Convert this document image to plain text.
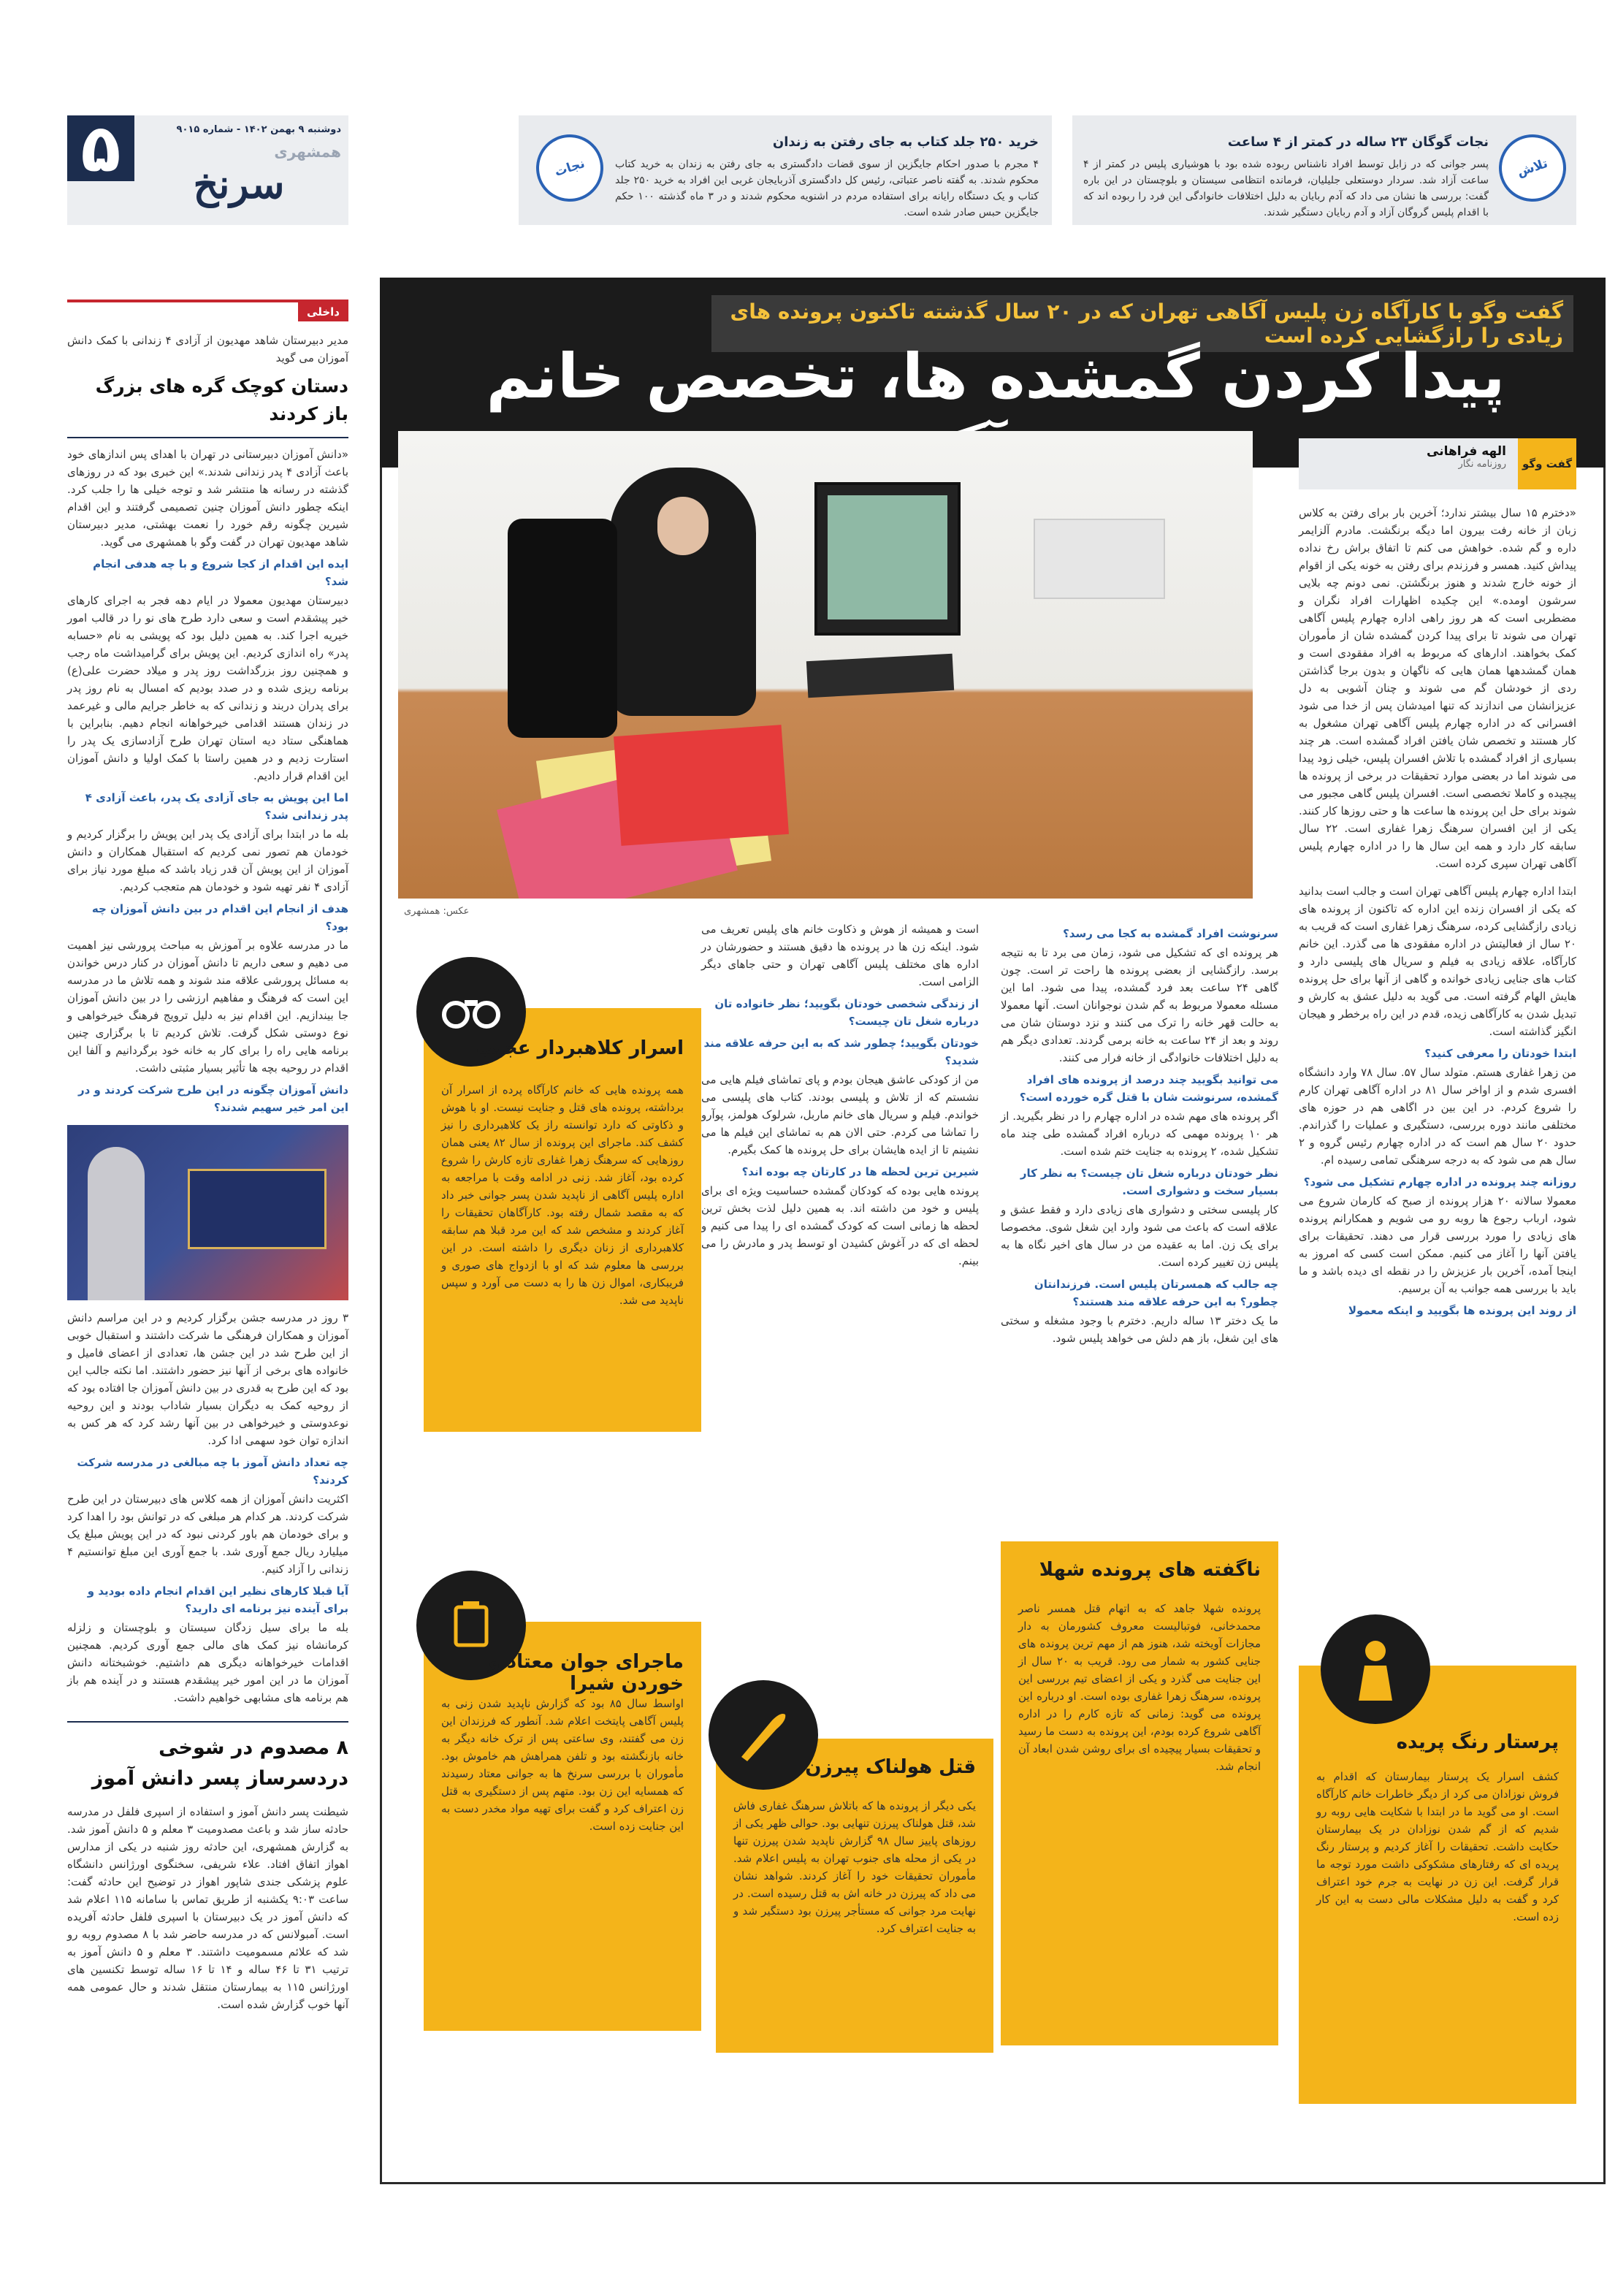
تلاش
نجات گوگان ۲۳ ساله در کمتر از ۴ ساعت

پسر جوانی که در زابل توسط افراد ناشناس ربوده شده بود با هوشیاری پلیس در کمتر از ۴ ساعت آزاد شد. سردار دوستعلی جلیلیان، فرمانده انتظامی سیستان و بلوچستان در این باره گفت: بررسی ها نشان می داد که آدم ربایان به دلیل اختلافات خانوادگی این فرد را ربوده اند که با اقدام پلیس گروگان آزاد و آدم ربایان دستگیر شدند.

نجات
خرید ۲۵۰ جلد کتاب به جای رفتن به زندان

۴ مجرم با صدور احکام جایگزین از سوی قضات دادگستری به جای رفتن به زندان به خرید کتاب محکوم شدند. به گفته ناصر عتباتی، رئیس کل دادگستری آذربایجان غربی این افراد به خرید ۲۵۰ جلد کتاب و یک دستگاه رایانه برای استفاده مردم در اشنویه محکوم شدند و در ۳ ماه گذشته ۱۰۰ حکم جایگزین حبس صادر شده است.

دوشنبه ۹ بهمن ۱۴۰۲ - شماره ۹۰۱۵
همشهری
سرنخ
۵
داخلی

مدیر دبیرستان شاهد مهدیون از آزادی ۴ زندانی با کمک دانش آموزان می گوید

دستان کوچک گره های بزرگ باز کردند

«دانش آموزان دبیرستانی در تهران با اهدای پس اندازهای خود باعث آزادی ۴ پدر زندانی شدند.» این خبری بود که در روزهای گذشته در رسانه ها منتشر شد و توجه خیلی ها را جلب کرد. اینکه چطور دانش آموزان چنین تصمیمی گرفتند و این اقدام شیرین چگونه رقم خورد را نعمت بهشتی، مدیر دبیرستان شاهد مهدیون تهران در گفت وگو با همشهری می گوید.

ایده این اقدام از کجا شروع و با چه هدفی انجام شد؟

دبیرستان مهدیون معمولا در ایام دهه فجر به اجرای کارهای خیر پیشقدم است و سعی دارد طرح های نو را در قالب امور خیریه اجرا کند. به همین دلیل بود که پویشی به نام «حسابه پدر» راه اندازی کردیم. این پویش برای گرامیداشت ماه رجب و همچنین روز بزرگداشت روز پدر و میلاد حضرت علی(ع) برنامه ریزی شده و در صدد بودیم که امسال به نام روز پدر برای پدران دربند و زندانی که به خاطر جرایم مالی و غیرعمد در زندان هستند اقدامی خیرخواهانه انجام دهیم. بنابراین با هماهنگی ستاد دیه استان تهران طرح آزادسازی یک پدر را استارت زدیم و در همین راستا با کمک اولیا و دانش آموزان این اقدام قرار دادیم.

اما این پویش به جای آزادی یک پدر، باعث آزادی ۴ پدر زندانی شد؟

بله ما در ابتدا برای آزادی یک پدر این پویش را برگزار کردیم و خودمان هم تصور نمی کردیم که استقبال همکاران و دانش آموزان از این پویش آن قدر زیاد باشد که مبلغ مورد نیاز برای آزادی ۴ نفر تهیه شود و خودمان هم متعجب کردیم.

هدف از انجام این اقدام در بین دانش آموزان چه بود؟

ما در مدرسه علاوه بر آموزش به مباحث پرورشی نیز اهمیت می دهیم و سعی داریم تا دانش آموزان در کنار درس خواندن به مسائل پرورشی علاقه مند شوند و همه تلاش ما در مدرسه این است که فرهنگ و مفاهیم ارزشی را در بین دانش آموزان جا بیندازیم. این اقدام نیز به دلیل ترویج فرهنگ خیرخواهی و نوع دوستی شکل گرفت. تلاش کردیم تا با برگزاری چنین برنامه هایی راه را برای کار به خانه خود برگردانیم و آلفا این اقدام در روحیه بچه ها تأثیر بسیار مثبتی داشت.

دانش آموزان چگونه در این طرح شرکت کردند و در این امر خیر سهیم شدند؟

۳ روز در مدرسه جشن برگزار کردیم و در این مراسم دانش آموزان و همکاران فرهنگی ما شرکت داشتند و استقبال خوبی از این طرح شد در این جشن ها، تعدادی از اعضای فامیل و خانواده های برخی از آنها نیز حضور داشتند. اما نکته جالب این بود که این طرح به قدری در بین دانش آموزان جا افتاده بود که از روحیه کمک به دیگران بسیار شاداب بودند و این روحیه نوعدوستی و خیرخواهی در بین آنها رشد کرد که هر کس به اندازه توان خود سهمی ادا کرد.

چه تعداد دانش آموز با چه مبالغی در مدرسه شرکت کردند؟

اکثریت دانش آموزان از همه کلاس های دبیرستان در این طرح شرکت کردند. هر کدام هر مبلغی که در توانش بود را اهدا کرد و برای خودمان هم باور کردنی نبود که در این پویش مبلغ یک میلیارد ریال جمع آوری شد. با جمع آوری این مبلغ توانستیم ۴ زندانی را آزاد کنیم.

آیا قبلا کارهای نظیر این اقدام انجام داده بودید و برای آینده نیز برنامه ای دارید؟

بله ما برای سیل زدگان سیستان و بلوچستان و زلزله کرمانشاه نیز کمک های مالی جمع آوری کردیم. همچنین اقدامات خیرخواهانه دیگری هم داشتیم. خوشبختانه دانش آموزان ما در این امور خیر پیشقدم هستند و در آینده هم باز هم برنامه های مشابهی خواهیم داشت.

۸ مصدوم در شوخی دردسرساز پسر دانش آموز

شیطنت پسر دانش آموز و استفاده از اسپری فلفل در مدرسه حادثه ساز شد و باعث مصدومیت ۳ معلم و ۵ دانش آموز شد. به گزارش همشهری، این حادثه روز شنبه در یکی از مدارس اهواز اتفاق افتاد. علاء شریفی، سخنگوی اورژانس دانشگاه علوم پزشکی جندی شاپور اهواز در توضیح این حادثه گفت: ساعت ۹:۰۳ یکشنبه از طریق تماس با سامانه ۱۱۵ اعلام شد که دانش آموز در یک دبیرستان با اسپری فلفل حادثه آفریده است. آمبولانس که در مدرسه حاضر شد با ۸ مصدوم روبه رو شد که علائم مسمومیت داشتند. ۳ معلم و ۵ دانش آموز به ترتیب ۳۱ تا ۴۶ ساله و ۱۴ تا ۱۶ ساله توسط تکنسین های اورژانس ۱۱۵ به بیمارستان منتقل شدند و حال عمومی همه آنها خوب گزارش شده است.

گفت وگو با کارآگاه زن پلیس آگاهی تهران که در ۲۰ سال گذشته تاکنون پرونده های زیادی را رازگشایی کرده است
پیدا کردن گمشده ها، تخصص خانم
گفت وگو
الهه فراهانی
روزنامه نگار
عکس: همشهری

«دخترم ۱۵ سال بیشتر ندارد؛ آخرین بار برای رفتن به کلاس زبان از خانه رفت بیرون اما دیگه برنگشت. مادرم آلزایمر داره و گم شده. خواهش می کنم تا اتفاق براش رخ نداده پیداش کنید. همسر و فرزندم برای رفتن به خونه یکی از اقوام از خونه خارج شدند و هنوز برنگشتن. نمی دونم چه بلایی سرشون اومده.» این چکیده اظهارات افراد نگران و مضطربی است که هر روز راهی اداره چهارم پلیس آگاهی تهران می شوند تا برای پیدا کردن گمشده شان از مأموران کمک بخواهند. ادارهای که مربوط به افراد مفقودی است و همان گمشدهها همان هایی که ناگهان و بدون برجا گذاشتن ردی از خودشان گم می شوند و چنان آشوبی به دل عزیزانشان می اندازند که تنها امیدشان پس از خدا می شود افسرانی که در اداره چهارم پلیس آگاهی تهران مشغول به کار هستند و تخصص شان یافتن افراد گمشده است. هر چند بسیاری از افراد گمشده با تلاش افسران پلیس، خیلی زود پیدا می شوند اما در بعضی موارد تحقیقات در برخی از پرونده ها پیچیده و کاملا تخصصی است. افسران پلیس گاهی مجبور می شوند برای حل این پرونده ها ساعت ها و حتی روزها کار کنند. یکی از این افسران سرهنگ زهرا غفاری است. ۲۲ سال سابقه کار دارد و همه این سال ها را در اداره چهارم پلیس آگاهی تهران سپری کرده است.

ابتدا اداره چهارم پلیس آگاهی تهران است و جالب است بدانید که یکی از افسران زنده این اداره که تاکنون از پرونده های زیادی رازگشایی کرده، سرهنگ زهرا غفاری است که قریب به ۲۰ سال از فعالیتش در اداره مفقودی ها می گذرد. این خانم کارآگاه، علاقه زیادی به فیلم و سریال های پلیسی دارد و کتاب های جنایی زیادی خوانده و گاهی از آنها برای حل پرونده هایش الهام گرفته است. می گوید به دلیل عشق به کارش و تبدیل شدن به کارآگاهی زیده، قدم در این راه برخطر و هیجان انگیز گذاشته است.

ابتدا خودتان را معرفی کنید؟

من زهرا غفاری هستم. متولد سال ۵۷. سال ۷۸ وارد دانشگاه افسری شدم و از اواخر سال ۸۱ در اداره آگاهی تهران کارم را شروع کردم. در این بین در اگاهی هم در حوزه های مختلفی مانند دوره بررسی، دستگیری و عملیات را گذراندم. حدود ۲۰ سال هم است که در اداره چهارم رئیس گروه و ۲ سال هم می شود که به درجه سرهنگی تمامی رسیده ام.

روزانه چند پرونده در اداره چهارم تشکیل می شود؟

معمولا سالانه ۲۰ هزار پرونده از صبح که کارمان شروع می شود، ارباب رجوع ها روبه رو می شویم و همکارانم پرونده های زیادی را مورد بررسی قرار می دهند. تحقیقات برای یافتن آنها را آغاز می کنیم. ممکن است کسی که امروز به اینجا آمده، آخرین بار عزیزش را در نقطه ای دیده باشد و ما باید با بررسی همه جوانب به آن برسیم.

از روند این پرونده ها بگویید و اینکه معمولا

سرنوشت افراد گمشده به کجا می رسد؟

هر پرونده ای که تشکیل می شود، زمان می برد تا به نتیجه برسد. رازگشایی از بعضی پرونده ها راحت تر است. چون گاهی ۲۴ ساعت بعد فرد گمشده، پیدا می شود. اما این مسئله معمولا مربوط به گم شدن نوجوانان است. آنها معمولا به حالت قهر خانه را ترک می کنند و نزد دوستان شان می روند و بعد از ۲۴ ساعت به خانه برمی گردند. تعدادی دیگر هم به دلیل اختلافات خانوادگی از خانه فرار می کنند.

می توانید بگویید چند درصد از پرونده های افراد گمشده، سرنوشت شان با قتل گره خورده است؟

اگر پرونده های مهم شده در اداره چهارم را در نظر بگیرید. از هر ۱۰ پرونده مهمی که درباره افراد گمشده طی چند ماه تشکیل شده، ۲ پرونده به جنایت ختم شده است.

نظر خودتان درباره شغل تان چیست؟ به نظر کار بسیار سخت و دشواری است.

کار پلیسی سختی و دشواری های زیادی دارد و فقط عشق و علاقه است که باعث می شود وارد این شغل شوی. مخصوصا برای یک زن. اما به عقیده من در سال های اخیر نگاه ها به پلیس زن تغییر کرده است.

چه جالب که همسرتان پلیس است. فرزندانتان چطور؟ به این حرفه علاقه مند هستند؟

ما یک دختر ۱۳ ساله داریم. دخترم با وجود مشغله و سختی های این شغل، باز هم دلش می خواهد پلیس شود.

است و همیشه از هوش و ذکاوت خانم های پلیس تعریف می شود. اینکه زن ها در پرونده ها دقیق هستند و حضورشان در اداره های مختلف پلیس آگاهی تهران و حتی جاهای دیگر الزامی است.

از زندگی شخصی خودتان بگویید؛ نظر خانواده تان درباره شغل تان چیست؟

خودتان بگویید؛ چطور شد که به این حرفه علاقه مند شدید؟

من از کودکی عاشق هیجان بودم و پای تماشای فیلم هایی می نشستم که از تلاش و پلیسی بودند. کتاب های پلیسی می خواندم. فیلم و سریال های خانم ماربل، شرلوک هولمز، پوآرو را تماشا می کردم. حتی الان هم به تماشای این فیلم ها می نشینم تا از ایده هایشان برای حل پرونده ها کمک بگیرم.

شیرین ترین لحظه ها در کارتان چه بوده اند؟

پرونده هایی بوده که کودکان گمشده حساسیت ویژه ای برای پلیس و خود من داشته اند. به همین دلیل لذت بخش ترین لحظه ها زمانی است که کودک گمشده ای را پیدا می کنیم و لحظه ای که در آغوش کشیدن او توسط پدر و مادرش را می بینم.

اسرار کلاهبردار عجیب

همه پرونده هایی که خانم کارآگاه پرده از اسرار آن برداشته، پرونده های قتل و جنایت نیست. او با هوش و ذکاوتی که دارد توانسته راز یک کلاهبرداری را نیز کشف کند. ماجرای این پرونده از سال ۸۲ یعنی همان روزهایی که سرهنگ زهرا غفاری تازه کارش را شروع کرده بود، آغاز شد. زنی در ادامه وقت با مراجعه به اداره پلیس آگاهی از ناپدید شدن پسر جوانی خبر داد که به مقصد شمال رفته بود. کارآگاهان تحقیقات را آغاز کردند و مشخص شد که این مرد قبلا هم سابقه کلاهبرداری از زنان دیگری را داشته است. در این بررسی ها معلوم شد که او با ازدواج های صوری و فریبکاری، اموال زن ها را به دست می آورد و سپس ناپدید می شد.

ماجرای جوان معتاد و خوردن شیرا

اواسط سال ۸۵ بود که گزارش ناپدید شدن زنی به پلیس آگاهی پایتخت اعلام شد. آنطور که فرزندان این زن می گفتند، وی ساعتی پس از ترک خانه دیگر به خانه بازنگشته بود و تلفن همراهش هم خاموش بود. مأموران با بررسی سرنخ ها به جوانی معتاد رسیدند که همسایه این زن بود. متهم پس از دستگیری به قتل زن اعتراف کرد و گفت برای تهیه مواد مخدر دست به این جنایت زده است.

قتل هولناک پیرزن

یکی دیگر از پرونده ها که باتلاش سرهنگ غفاری فاش شد، قتل هولناک پیرزن تنهایی بود. حوالی ظهر یکی از روزهای پاییز سال ۹۸ گزارش ناپدید شدن پیرزن تنها در یکی از محله های جنوب تهران به پلیس اعلام شد. مأموران تحقیقات خود را آغاز کردند. شواهد نشان می داد که پیرزن در خانه اش به قتل رسیده است. در نهایت مرد جوانی که مستأجر پیرزن بود دستگیر شد و به جنایت اعتراف کرد.

ناگفته های پرونده شهلا

پرونده شهلا جاهد که به اتهام قتل همسر ناصر محمدخانی، فوتبالیست معروف کشورمان به دار مجازات آویخته شد، هنوز هم از مهم ترین پرونده های جنایی کشور به شمار می رود. قریب به ۲۰ سال از این جنایت می گذرد و یکی از اعضای تیم بررسی این پرونده، سرهنگ زهرا غفاری بوده است. او درباره این پرونده می گوید: زمانی که تازه کارم را در اداره آگاهی شروع کرده بودم، این پرونده به دست ما رسید و تحقیقات بسیار پیچیده ای برای روشن شدن ابعاد آن انجام شد.

پرستار رنگ پریده

کشف اسرار یک پرستار بیمارستان که اقدام به فروش نوزادان می کرد از دیگر خاطرات خانم کارآگاه است. او می گوید ما در ابتدا با شکایت هایی روبه رو شدیم که از گم شدن نوزادان در یک بیمارستان حکایت داشت. تحقیقات را آغاز کردیم و پرستار رنگ پریده ای که رفتارهای مشکوکی داشت مورد توجه ما قرار گرفت. این زن در نهایت به جرم خود اعتراف کرد و گفت به دلیل مشکلات مالی دست به این کار زده است.
